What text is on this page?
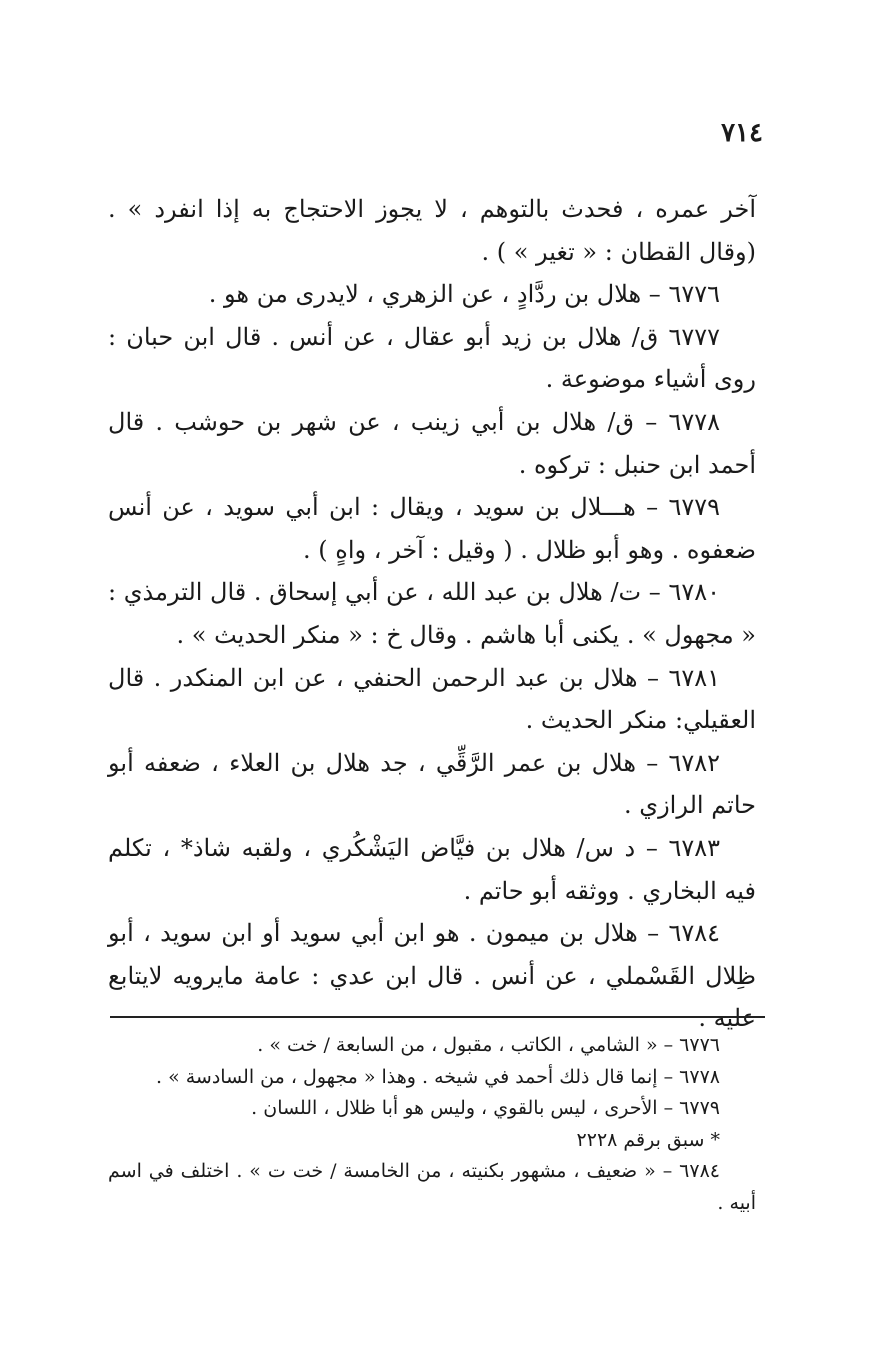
٧١٤

آخر عمره ، فحدث بالتوهم ، لا يجوز الاحتجاج به إذا انفرد » . (وقال القطان : « تغير » ) .

٦٧٧٦ – هلال بن ردَّادٍ ، عن الزهري ، لايدرى من هو .

٦٧٧٧ ق/ هلال بن زيد أبو عقال ، عن أنس . قال ابن حبان : روى أشياء موضوعة .

٦٧٧٨ – ق/ هلال بن أبي زينب ، عن شهر بن حوشب . قال أحمد ابن حنبل : تركوه .

٦٧٧٩ – هـــلال بن سويد ، ويقال : ابن أبي سويد ، عن أنس ضعفوه . وهو أبو ظلال . ( وقيل : آخر ، واهٍ ) .

٦٧٨٠ – ت/ هلال بن عبد الله ، عن أبي إسحاق . قال الترمذي : « مجهول » . يكنى أبا هاشم . وقال خ : « منكر الحديث » .

٦٧٨١ – هلال بن عبد الرحمن الحنفي ، عن ابن المنكدر . قال العقيلي: منكر الحديث .

٦٧٨٢ – هلال بن عمر الرَّقِّي ، جد هلال بن العلاء ، ضعفه أبو حاتم الرازي .

٦٧٨٣ – د س/ هلال بن فيَّاض اليَشْكُري ، ولقبه شاذ* ، تكلم فيه البخاري . ووثقه أبو حاتم .

٦٧٨٤ – هلال بن ميمون . هو ابن أبي سويد أو ابن سويد ، أبو ظِلال القَسْملي ، عن أنس . قال ابن عدي : عامة مايرويه لايتابع عليه .

٦٧٧٦ – « الشامي ، الكاتب ، مقبول ، من السابعة / خت » .

٦٧٧٨ – إنما قال ذلك أحمد في شيخه . وهذا « مجهول ، من السادسة » .

٦٧٧٩ – الأحرى ، ليس بالقوي ، وليس هو أبا ظلال ، اللسان .

* سبق برقم ٢٢٢٨

٦٧٨٤ – « ضعيف ، مشهور بكنيته ، من الخامسة / خت ت » . اختلف في اسم أبيه .
